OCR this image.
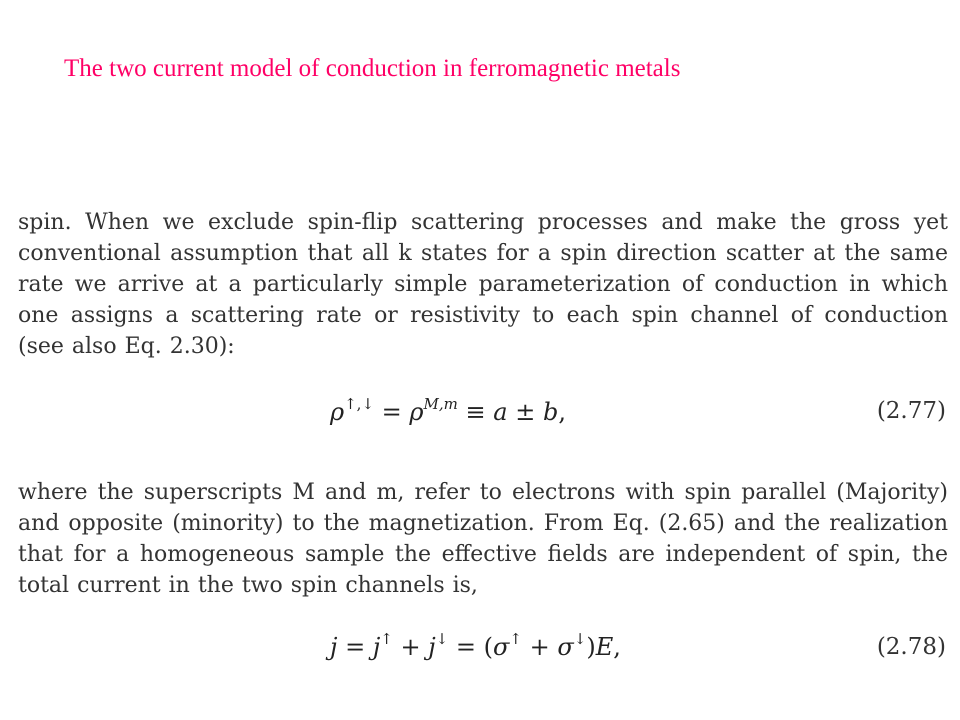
The two current model of conduction in ferromagnetic metals

spin. When we exclude spin-flip scattering processes and make the gross yet conventional assumption that all k states for a spin direction scatter at the same rate we arrive at a particularly simple parameterization of conduction in which one assigns a scattering rate or resistivity to each spin channel of conduction (see also Eq. 2.30):

$\rho^{↑,↓} = \rho^{M,m} \equiv a \pm b$,	(2.77)

where the superscripts M and m, refer to electrons with spin parallel (Majority) and opposite (minority) to the magnetization. From Eq. (2.65) and the realization that for a homogeneous sample the effective fields are independent of spin, the total current in the two spin channels is,

j = j↑ + j↓ = (σ↑ + σ↓)E,	(2.78)
